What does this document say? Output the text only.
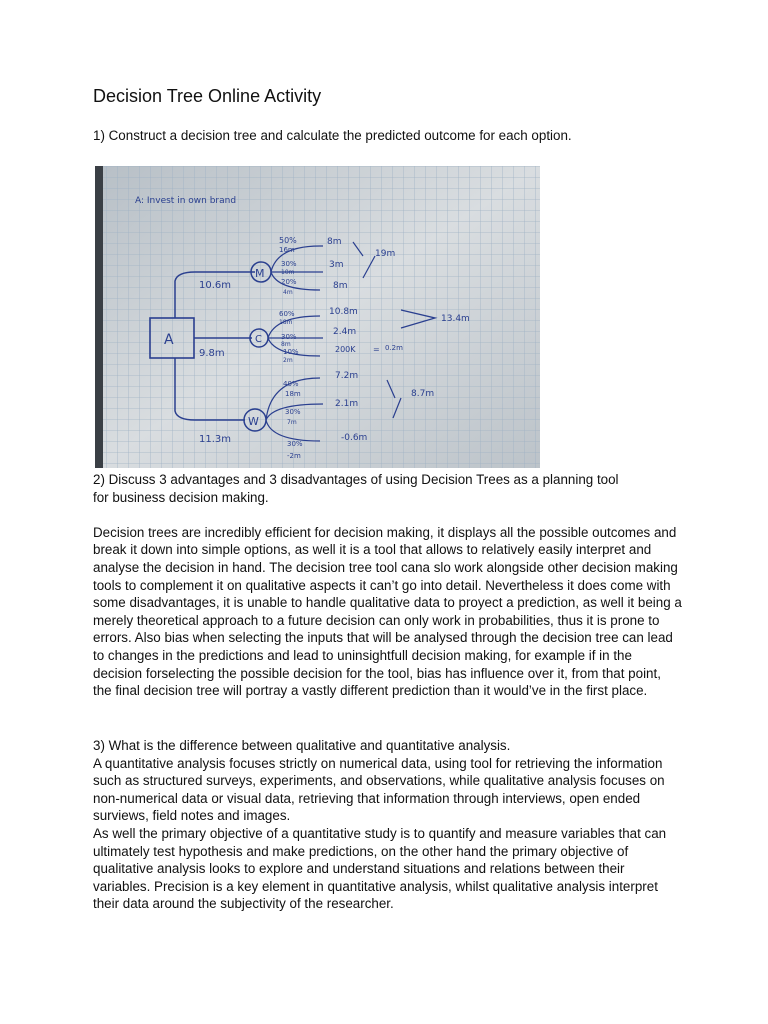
Decision Tree Online Activity

1) Construct a decision tree and calculate the predicted outcome for each option.

A: Invest in own brand
A
10.6m
9.8m
11.3m
M
C
W
50%
16m
30%
10m
20%
4m
8m
3m
8m
19m
60%
18m
30%
8m
10%
2m
10.8m
2.4m
200K = 0.2m
13.4m
40%
18m
30%
7m
30%
-2m
7.2m
2.1m
-0.6m
8.7m

2) Discuss 3 advantages and 3 disadvantages of using Decision Trees as a planning tool for business decision making.

Decision trees are incredibly efficient for decision making, it displays all the possible outcomes and break it down into simple options, as well it is a tool that allows to relatively easily interpret and analyse the decision in hand. The decision tree tool cana slo work alongside other decision making tools to complement it on qualitative aspects it can’t go into detail. Nevertheless it does come with some disadvantages, it is unable to handle qualitative data to proyect a prediction, as well it being a merely theoretical approach to a future decision can only work in probabilities, thus it is prone to errors. Also bias when selecting the inputs that will be analysed through the decision tree can lead to changes in the predictions and lead to uninsightfull decision making, for example if in the decision forselecting the possible decision for the tool, bias has influence over it, from that point, the final decision tree will portray a vastly different prediction than it would’ve in the first place.

3) What is the difference between qualitative and quantitative analysis.

A quantitative analysis focuses strictly on numerical data, using tool for retrieving the information such as structured surveys, experiments, and observations, while qualitative analysis focuses on non-numerical data or visual data, retrieving that information through interviews, open ended surviews, field notes and images.

As well the primary objective of a quantitative study is to quantify and measure variables that can ultimately test hypothesis and make predictions, on the other hand the primary objective of qualitative analysis looks to explore and understand situations and relations between their variables. Precision is a key element in quantitative analysis, whilst qualitative analysis interpret their data around the subjectivity of the researcher.
